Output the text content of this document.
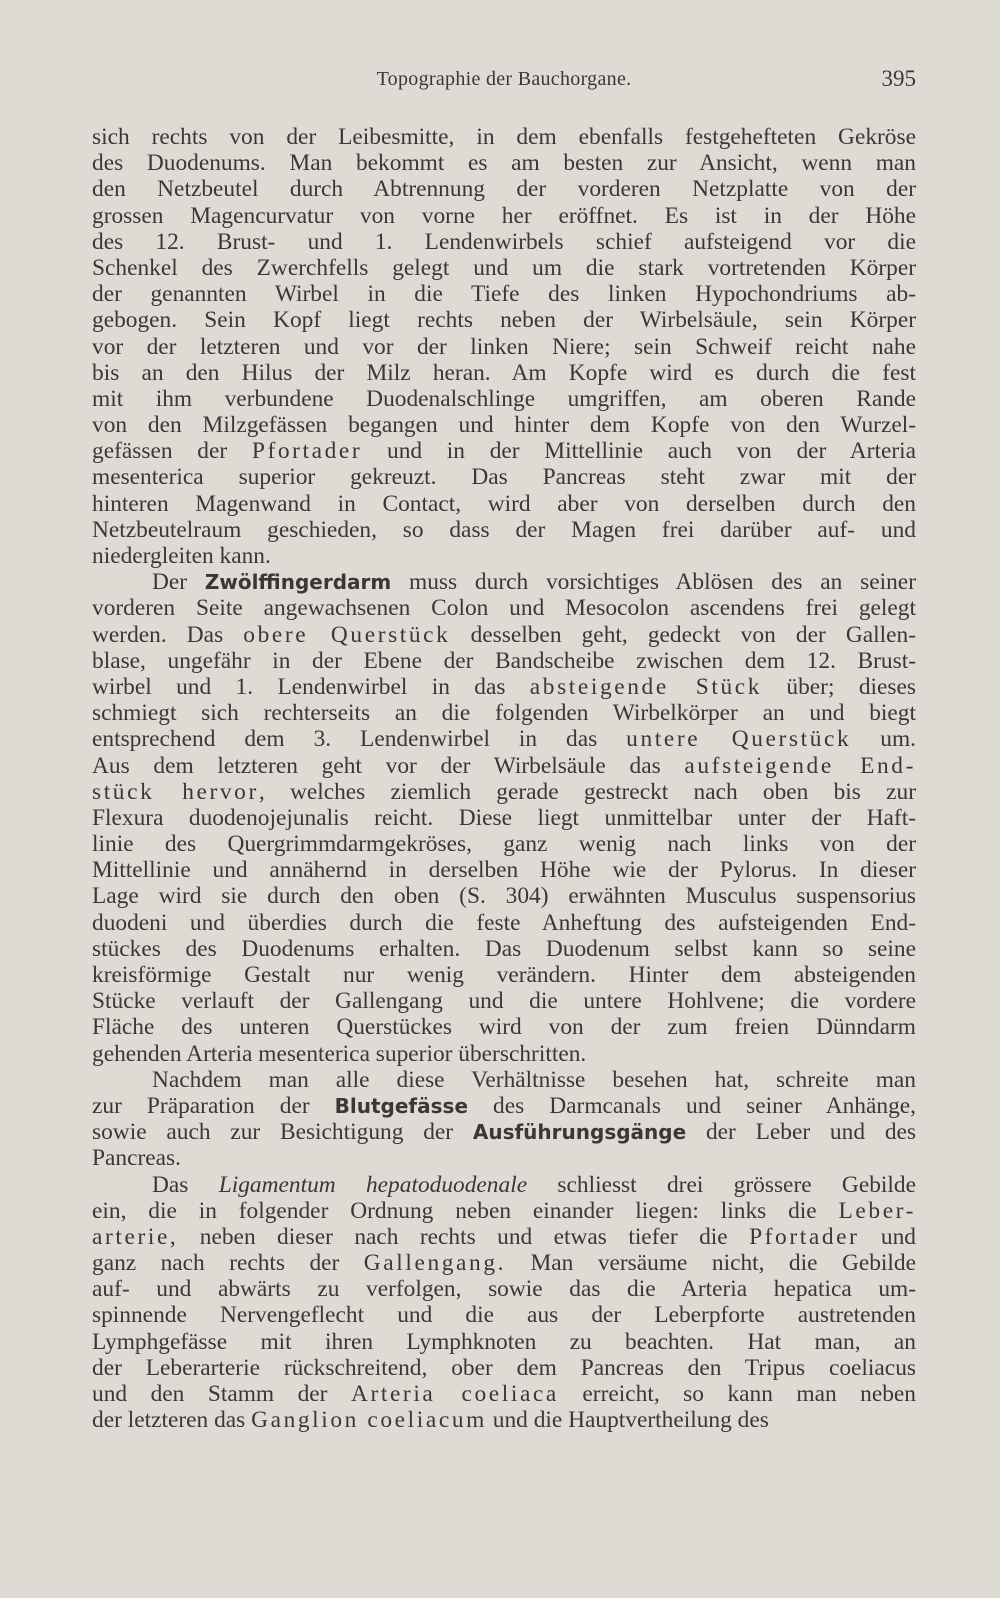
Topographie der Bauchorgane.	395
sich rechts von der Leibesmitte, in dem ebenfalls festgehefteten Gekröse
des Duodenums. Man bekommt es am besten zur Ansicht, wenn man
den Netzbeutel durch Abtrennung der vorderen Netzplatte von der
grossen Magencurvatur von vorne her eröffnet. Es ist in der Höhe
des 12. Brust- und 1. Lendenwirbels schief aufsteigend vor die
Schenkel des Zwerchfells gelegt und um die stark vortretenden Körper
der genannten Wirbel in die Tiefe des linken Hypochondriums ab-
gebogen. Sein Kopf liegt rechts neben der Wirbelsäule, sein Körper
vor der letzteren und vor der linken Niere; sein Schweif reicht nahe
bis an den Hilus der Milz heran. Am Kopfe wird es durch die fest
mit ihm verbundene Duodenalschlinge umgriffen, am oberen Rande
von den Milzgefässen begangen und hinter dem Kopfe von den Wurzel-
gefässen der Pfortader und in der Mittellinie auch von der Arteria
mesenterica superior gekreuzt. Das Pancreas steht zwar mit der
hinteren Magenwand in Contact, wird aber von derselben durch den
Netzbeutelraum geschieden, so dass der Magen frei darüber auf- und
niedergleiten kann.
Der Zwölffingerdarm muss durch vorsichtiges Ablösen des an seiner
vorderen Seite angewachsenen Colon und Mesocolon ascendens frei gelegt
werden. Das obere Querstück desselben geht, gedeckt von der Gallen-
blase, ungefähr in der Ebene der Bandscheibe zwischen dem 12. Brust-
wirbel und 1. Lendenwirbel in das absteigende Stück über; dieses
schmiegt sich rechterseits an die folgenden Wirbelkörper an und biegt
entsprechend dem 3. Lendenwirbel in das untere Querstück um.
Aus dem letzteren geht vor der Wirbelsäule das aufsteigende End-
stück hervor, welches ziemlich gerade gestreckt nach oben bis zur
Flexura duodenojejunalis reicht. Diese liegt unmittelbar unter der Haft-
linie des Quergrimmdarmgekröses, ganz wenig nach links von der
Mittellinie und annähernd in derselben Höhe wie der Pylorus. In dieser
Lage wird sie durch den oben (S. 304) erwähnten Musculus suspensorius
duodeni und überdies durch die feste Anheftung des aufsteigenden End-
stückes des Duodenums erhalten. Das Duodenum selbst kann so seine
kreisförmige Gestalt nur wenig verändern. Hinter dem absteigenden
Stücke verlauft der Gallengang und die untere Hohlvene; die vordere
Fläche des unteren Querstückes wird von der zum freien Dünndarm
gehenden Arteria mesenterica superior überschritten.
Nachdem man alle diese Verhältnisse besehen hat, schreite man
zur Präparation der Blutgefässe des Darmcanals und seiner Anhänge,
sowie auch zur Besichtigung der Ausführungsgänge der Leber und des
Pancreas.
Das Ligamentum hepatoduodenale schliesst drei grössere Gebilde
ein, die in folgender Ordnung neben einander liegen: links die Leber-
arterie, neben dieser nach rechts und etwas tiefer die Pfortader und
ganz nach rechts der Gallengang. Man versäume nicht, die Gebilde
auf- und abwärts zu verfolgen, sowie das die Arteria hepatica um-
spinnende Nervengeflecht und die aus der Leberpforte austretenden
Lymphgefässe mit ihren Lymphknoten zu beachten. Hat man, an
der Leberarterie rückschreitend, ober dem Pancreas den Tripus coeliacus
und den Stamm der Arteria coeliaca erreicht, so kann man neben
der letzteren das Ganglion coeliacum und die Hauptvertheilung des
